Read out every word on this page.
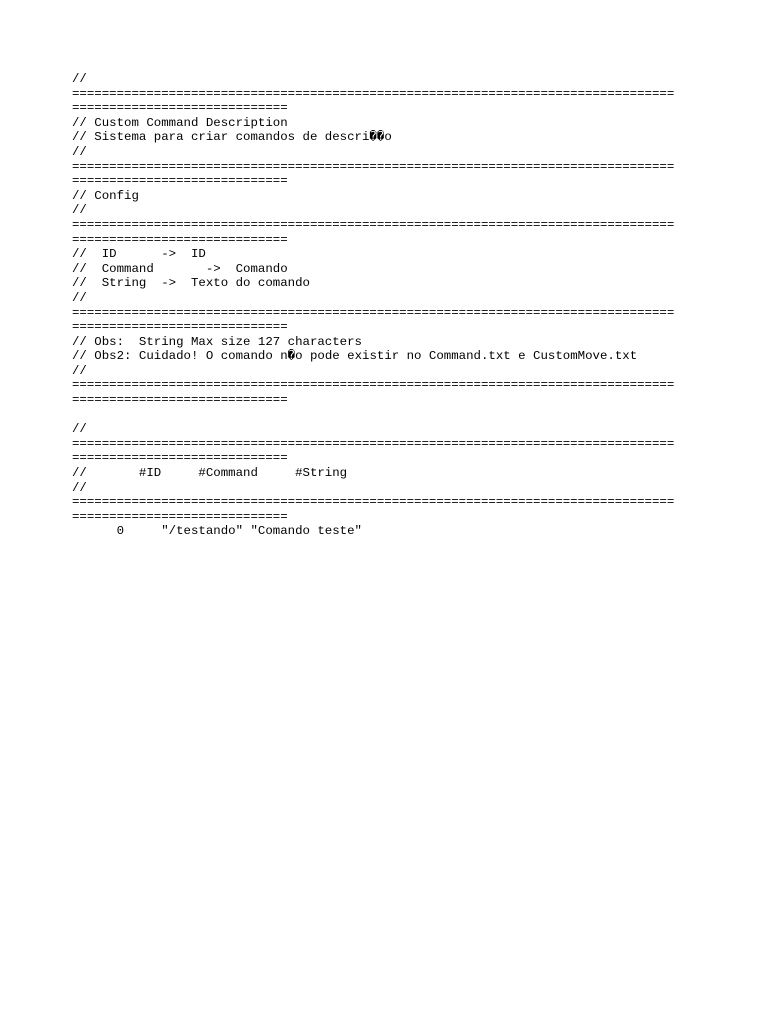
//
=================================================================================
=============================
// Custom Command Description
// Sistema para criar comandos de descri��o
//
=================================================================================
=============================
// Config
//
=================================================================================
=============================
//  ID      ->  ID
//  Command       ->  Comando
//  String  ->  Texto do comando
//
=================================================================================
=============================
// Obs:  String Max size 127 characters
// Obs2: Cuidado! O comando n�o pode existir no Command.txt e CustomMove.txt
//
=================================================================================
=============================
//
=================================================================================
=============================
//       #ID     #Command     #String
//
=================================================================================
=============================
0     "/testando" "Comando teste"
